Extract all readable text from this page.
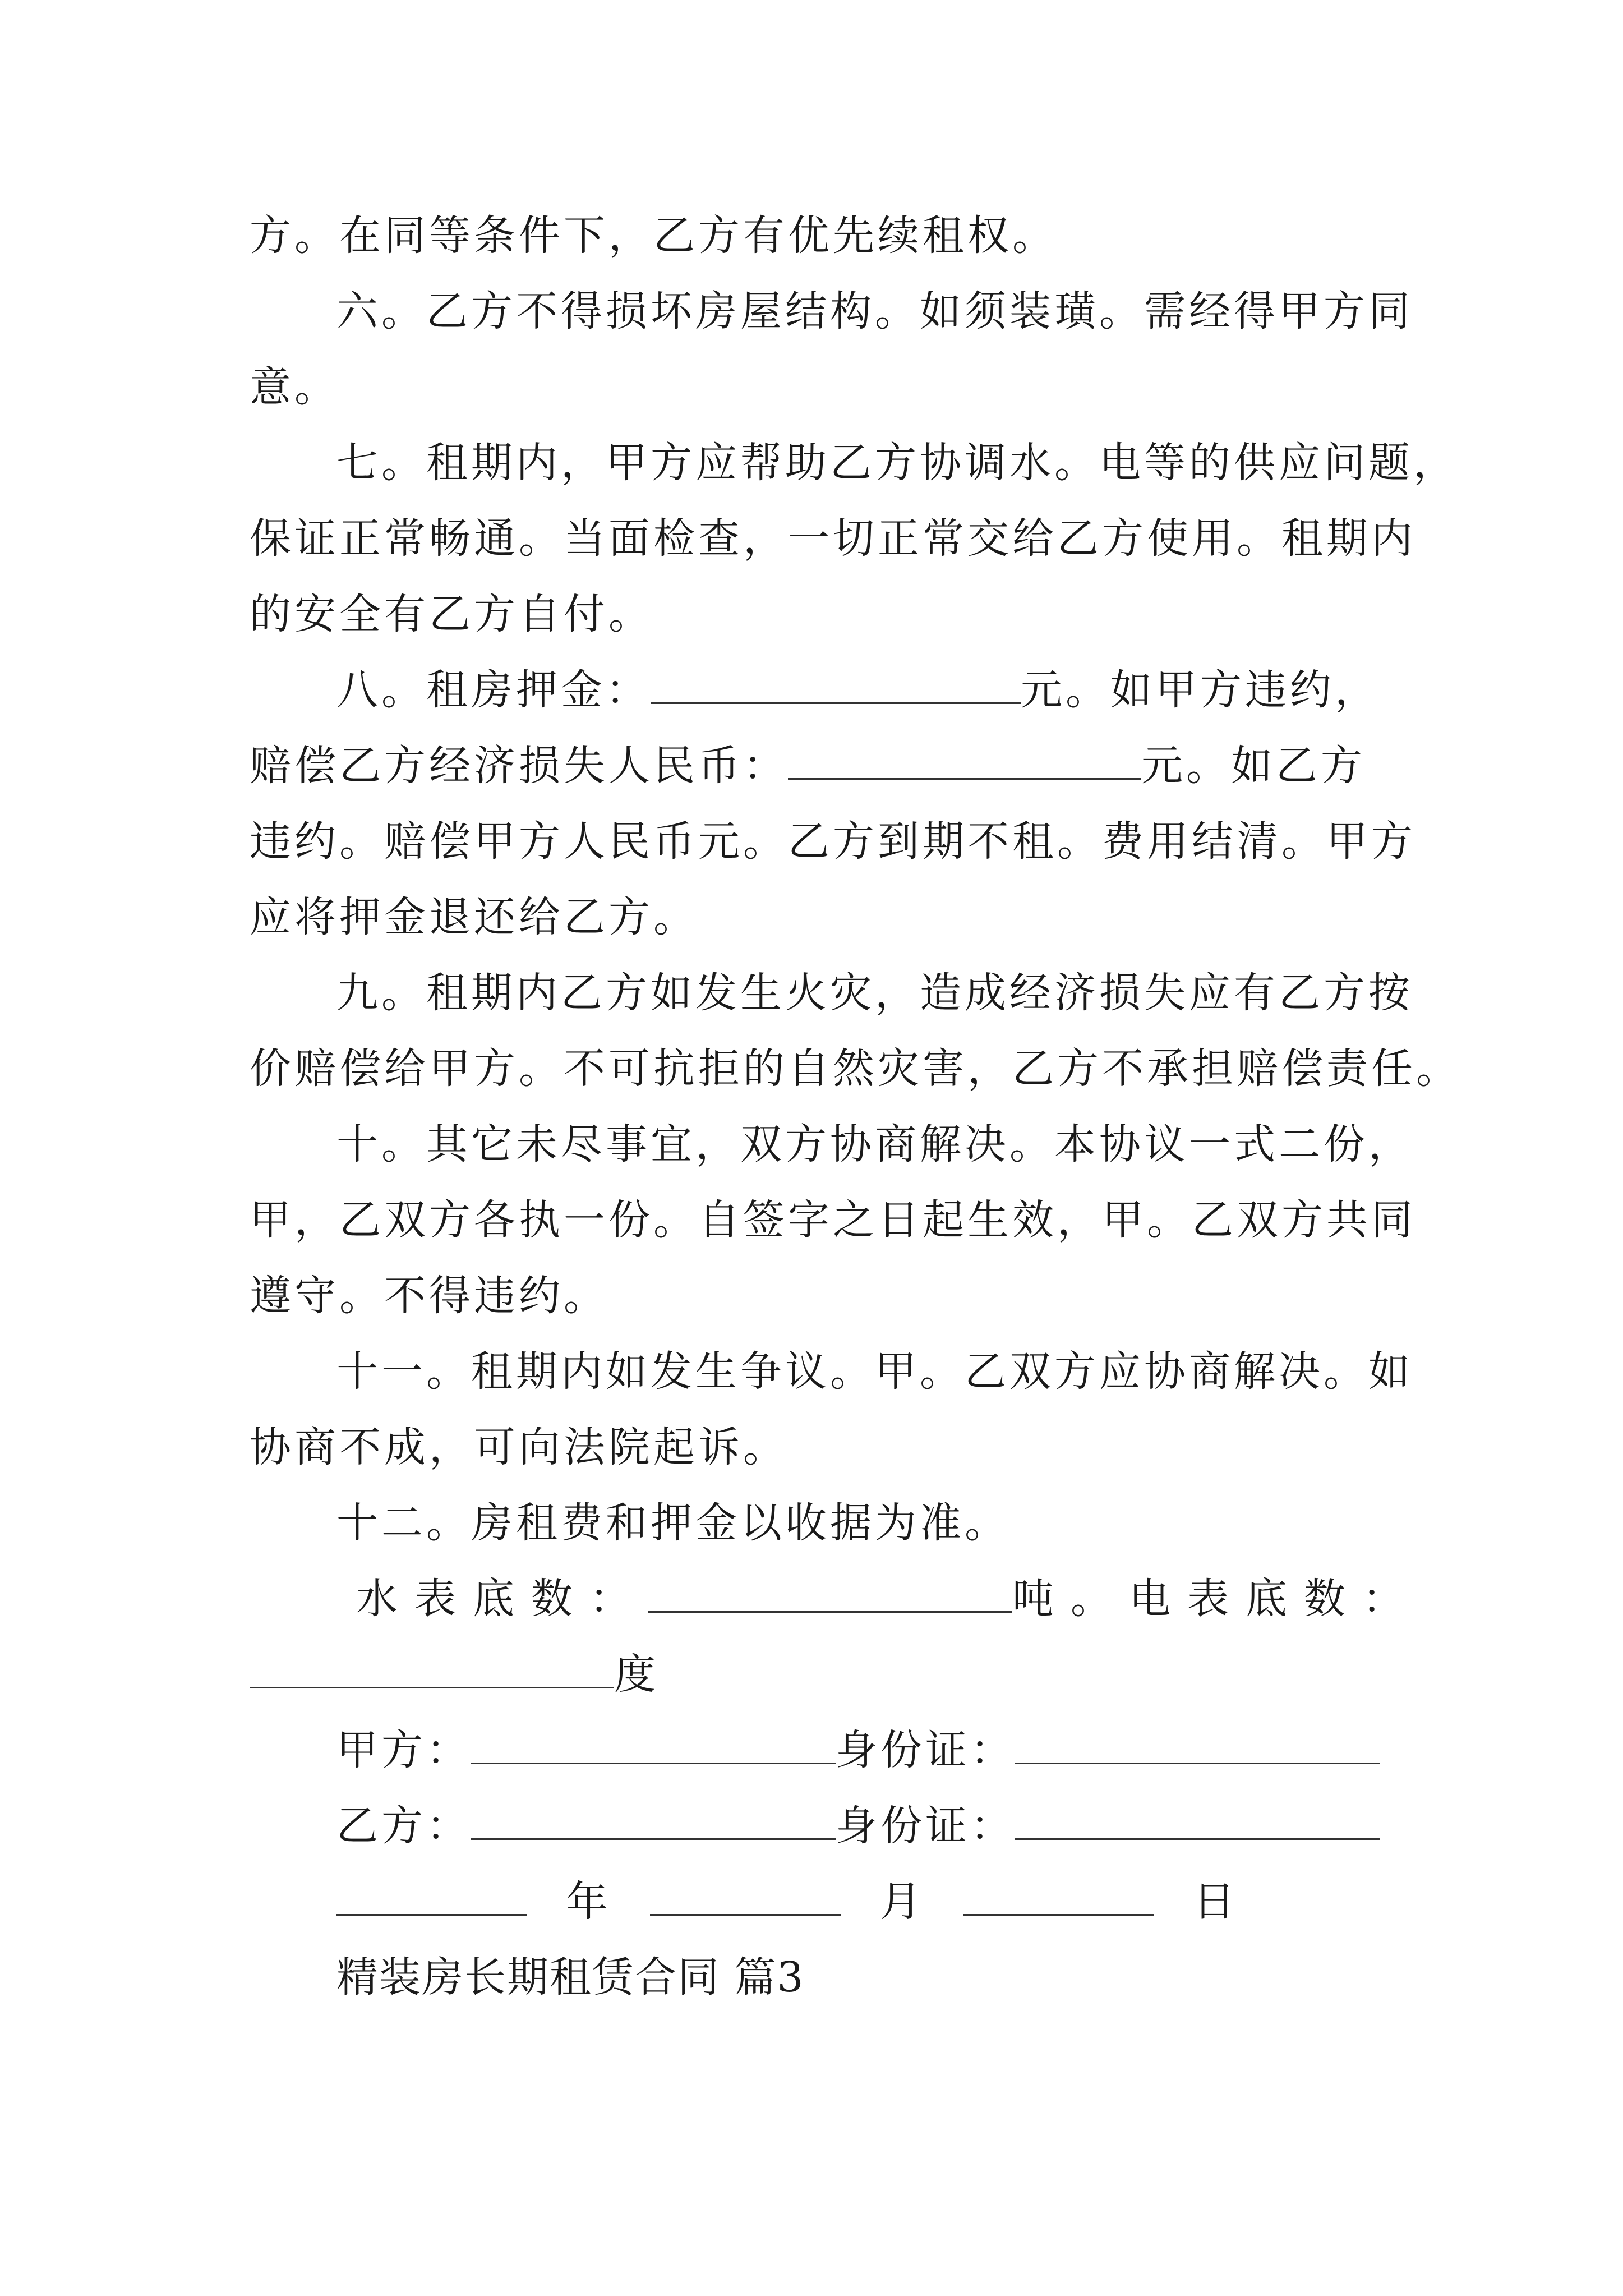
方。在同等条件下，乙方有优先续租权。
六。乙方不得损坏房屋结构。如须装璜。需经得甲方同
意。
七。租期内，甲方应帮助乙方协调水。电等的供应问题，
保证正常畅通。当面检查，一切正常交给乙方使用。租期内
的安全有乙方自付。
八。租房押金：	元。如甲方违约，
赔偿乙方经济损失人民币：	元。如乙方
违约。赔偿甲方人民币元。乙方到期不租。费用结清。甲方
应将押金退还给乙方。
九。租期内乙方如发生火灾，造成经济损失应有乙方按
价赔偿给甲方。不可抗拒的自然灾害，乙方不承担赔偿责任。
十。其它未尽事宜，双方协商解决。本协议一式二份，
甲，乙双方各执一份。自签字之日起生效，甲。乙双方共同
遵守。不得违约。
十一。租期内如发生争议。甲。乙双方应协商解决。如
协商不成，可向法院起诉。
十二。房租费和押金以收据为准。
水表底数：	吨。电表底数：
度
甲方：	身份证：
乙方：	身份证：
年	月	日
精装房长期租赁合同 篇3
